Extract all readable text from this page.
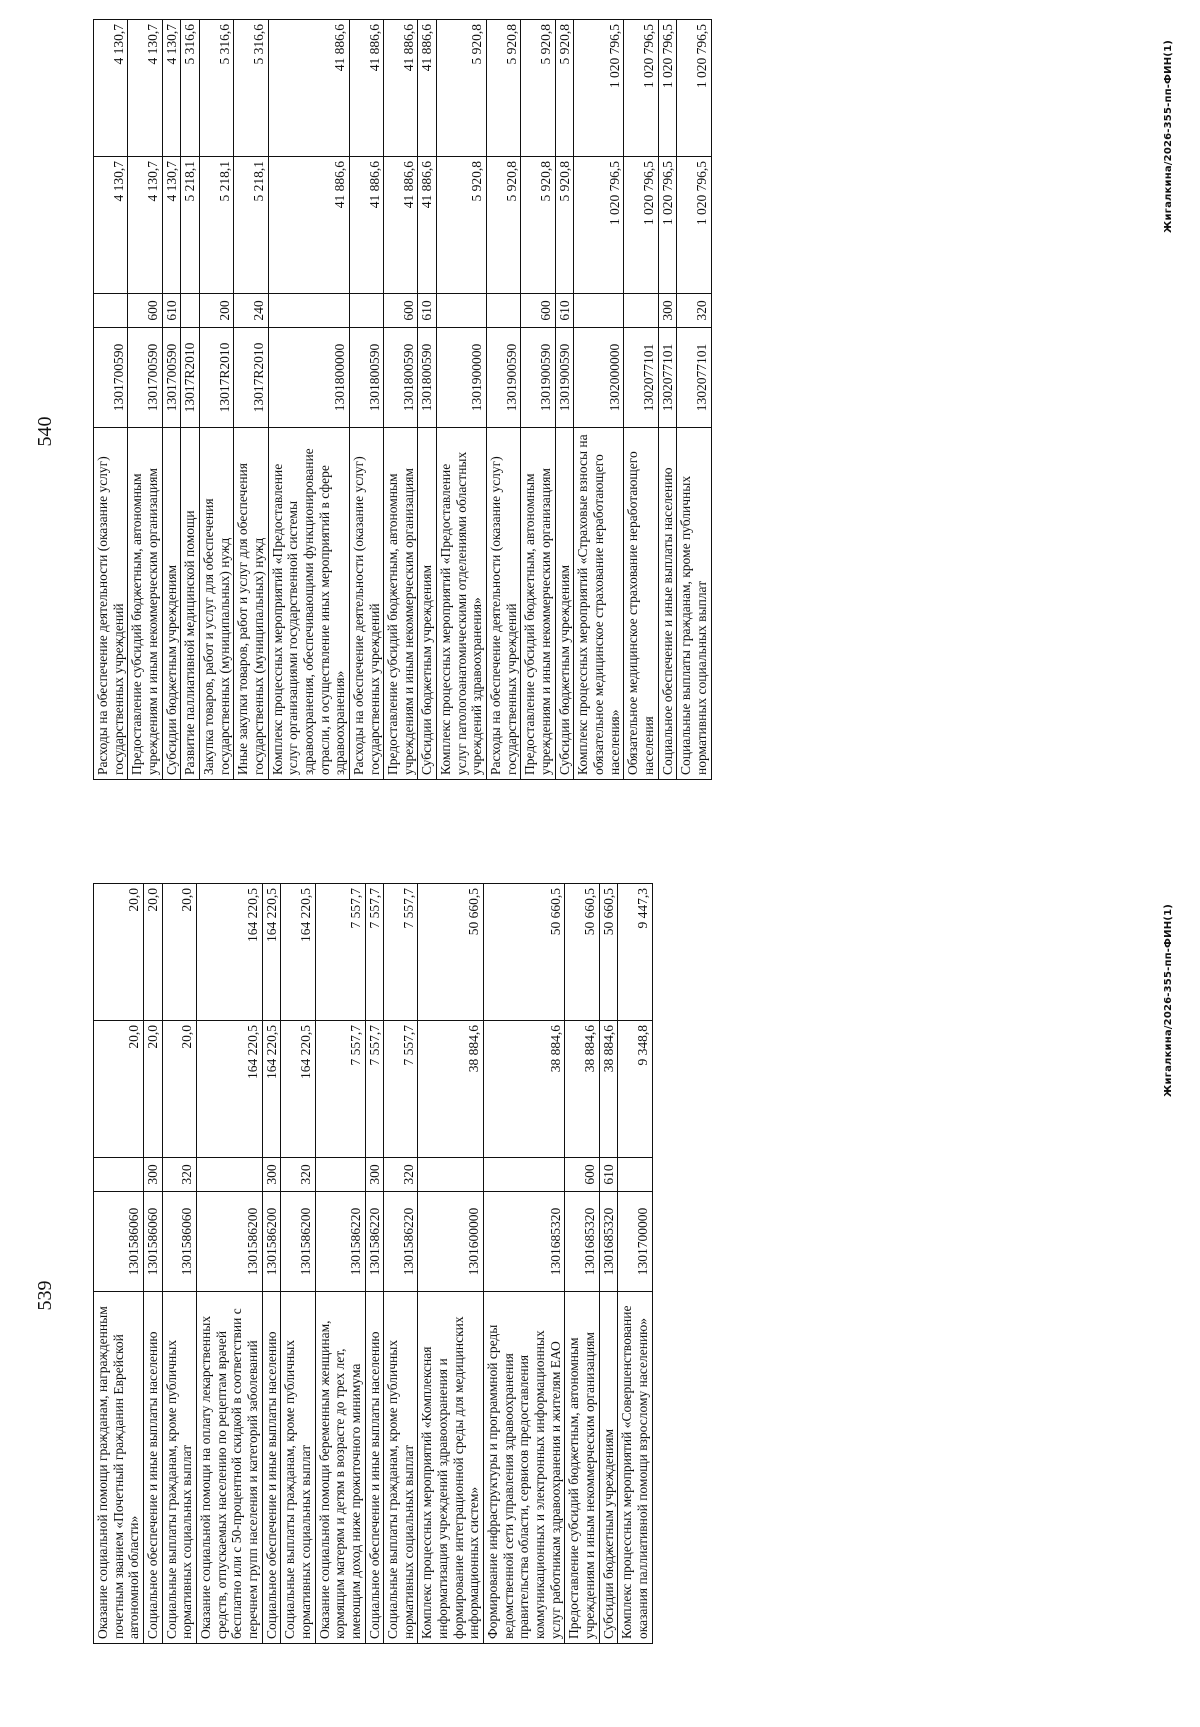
540
Расходы на обеспечение деятельности (оказание услуг) государственных учреждений	1301700590		4 130,7	4 130,7
Предоставление субсидий бюджетным, автономным учреждениям и иным некоммерческим организациям	1301700590	600	4 130,7	4 130,7
Субсидии бюджетным учреждениям	1301700590	610	4 130,7	4 130,7
Развитие паллиативной медицинской помощи	13017R2010		5 218,1	5 316,6
Закупка товаров, работ и услуг для обеспечения государственных (муниципальных) нужд	13017R2010	200	5 218,1	5 316,6
Иные закупки товаров, работ и услуг для обеспечения государственных (муниципальных) нужд	13017R2010	240	5 218,1	5 316,6
Комплекс процессных мероприятий «Предоставление услуг организациями государственной системы здравоохранения, обеспечивающими функционирование отрасли, и осуществление иных мероприятий в сфере здравоохранения»	1301800000		41 886,6	41 886,6
Расходы на обеспечение деятельности (оказание услуг) государственных учреждений	1301800590		41 886,6	41 886,6
Предоставление субсидий бюджетным, автономным учреждениям и иным некоммерческим организациям	1301800590	600	41 886,6	41 886,6
Субсидии бюджетным учреждениям	1301800590	610	41 886,6	41 886,6
Комплекс процессных мероприятий «Предоставление услуг патологоанатомическими отделениями областных учреждений здравоохранения»	1301900000		5 920,8	5 920,8
Расходы на обеспечение деятельности (оказание услуг) государственных учреждений	1301900590		5 920,8	5 920,8
Предоставление субсидий бюджетным, автономным учреждениям и иным некоммерческим организациям	1301900590	600	5 920,8	5 920,8
Субсидии бюджетным учреждениям	1301900590	610	5 920,8	5 920,8
Комплекс процессных мероприятий «Страховые взносы на обязательное медицинское страхование неработающего населения»	1302000000		1 020 796,5	1 020 796,5
Обязательное медицинское страхование неработающего населения	1302077101		1 020 796,5	1 020 796,5
Социальное обеспечение и иные выплаты населению	1302077101	300	1 020 796,5	1 020 796,5
Социальные выплаты гражданам, кроме публичных нормативных социальных выплат	1302077101	320	1 020 796,5	1 020 796,5	Жигалкина/2026-355-пп-ФИН(1)
539
Оказание социальной помощи гражданам, награжденным почетным званием «Почетный гражданин Еврейской автономной области»	1301586060		20,0	20,0
Социальное обеспечение и иные выплаты населению	1301586060	300	20,0	20,0
Социальные выплаты гражданам, кроме публичных нормативных социальных выплат	1301586060	320	20,0	20,0
Оказание социальной помощи на оплату лекарственных средств, отпускаемых населению по рецептам врачей бесплатно или с 50-процентной скидкой в соответствии с перечнем групп населения и категорий заболеваний	1301586200		164 220,5	164 220,5
Социальное обеспечение и иные выплаты населению	1301586200	300	164 220,5	164 220,5
Социальные выплаты гражданам, кроме публичных нормативных социальных выплат	1301586200	320	164 220,5	164 220,5
Оказание социальной помощи беременным женщинам, кормящим матерям и детям в возрасте до трех лет, имеющим доход ниже прожиточного минимума	1301586220		7 557,7	7 557,7
Социальное обеспечение и иные выплаты населению	1301586220	300	7 557,7	7 557,7
Социальные выплаты гражданам, кроме публичных нормативных социальных выплат	1301586220	320	7 557,7	7 557,7
Комплекс процессных мероприятий «Комплексная информатизация учреждений здравоохранения и формирование интеграционной среды для медицинских информационных систем»	1301600000		38 884,6	50 660,5
Формирование инфраструктуры и программной среды ведомственной сети управления здравоохранения правительства области, сервисов предоставления коммуникационных и электронных информационных услуг работникам здравоохранения и жителям ЕАО	1301685320		38 884,6	50 660,5
Предоставление субсидий бюджетным, автономным учреждениям и иным некоммерческим организациям	1301685320	600	38 884,6	50 660,5
Субсидии бюджетным учреждениям	1301685320	610	38 884,6	50 660,5
Комплекс процессных мероприятий «Совершенствование оказания паллиативной помощи взрослому населению»	1301700000		9 348,8	9 447,3	Жигалкина/2026-355-пп-ФИН(1)
